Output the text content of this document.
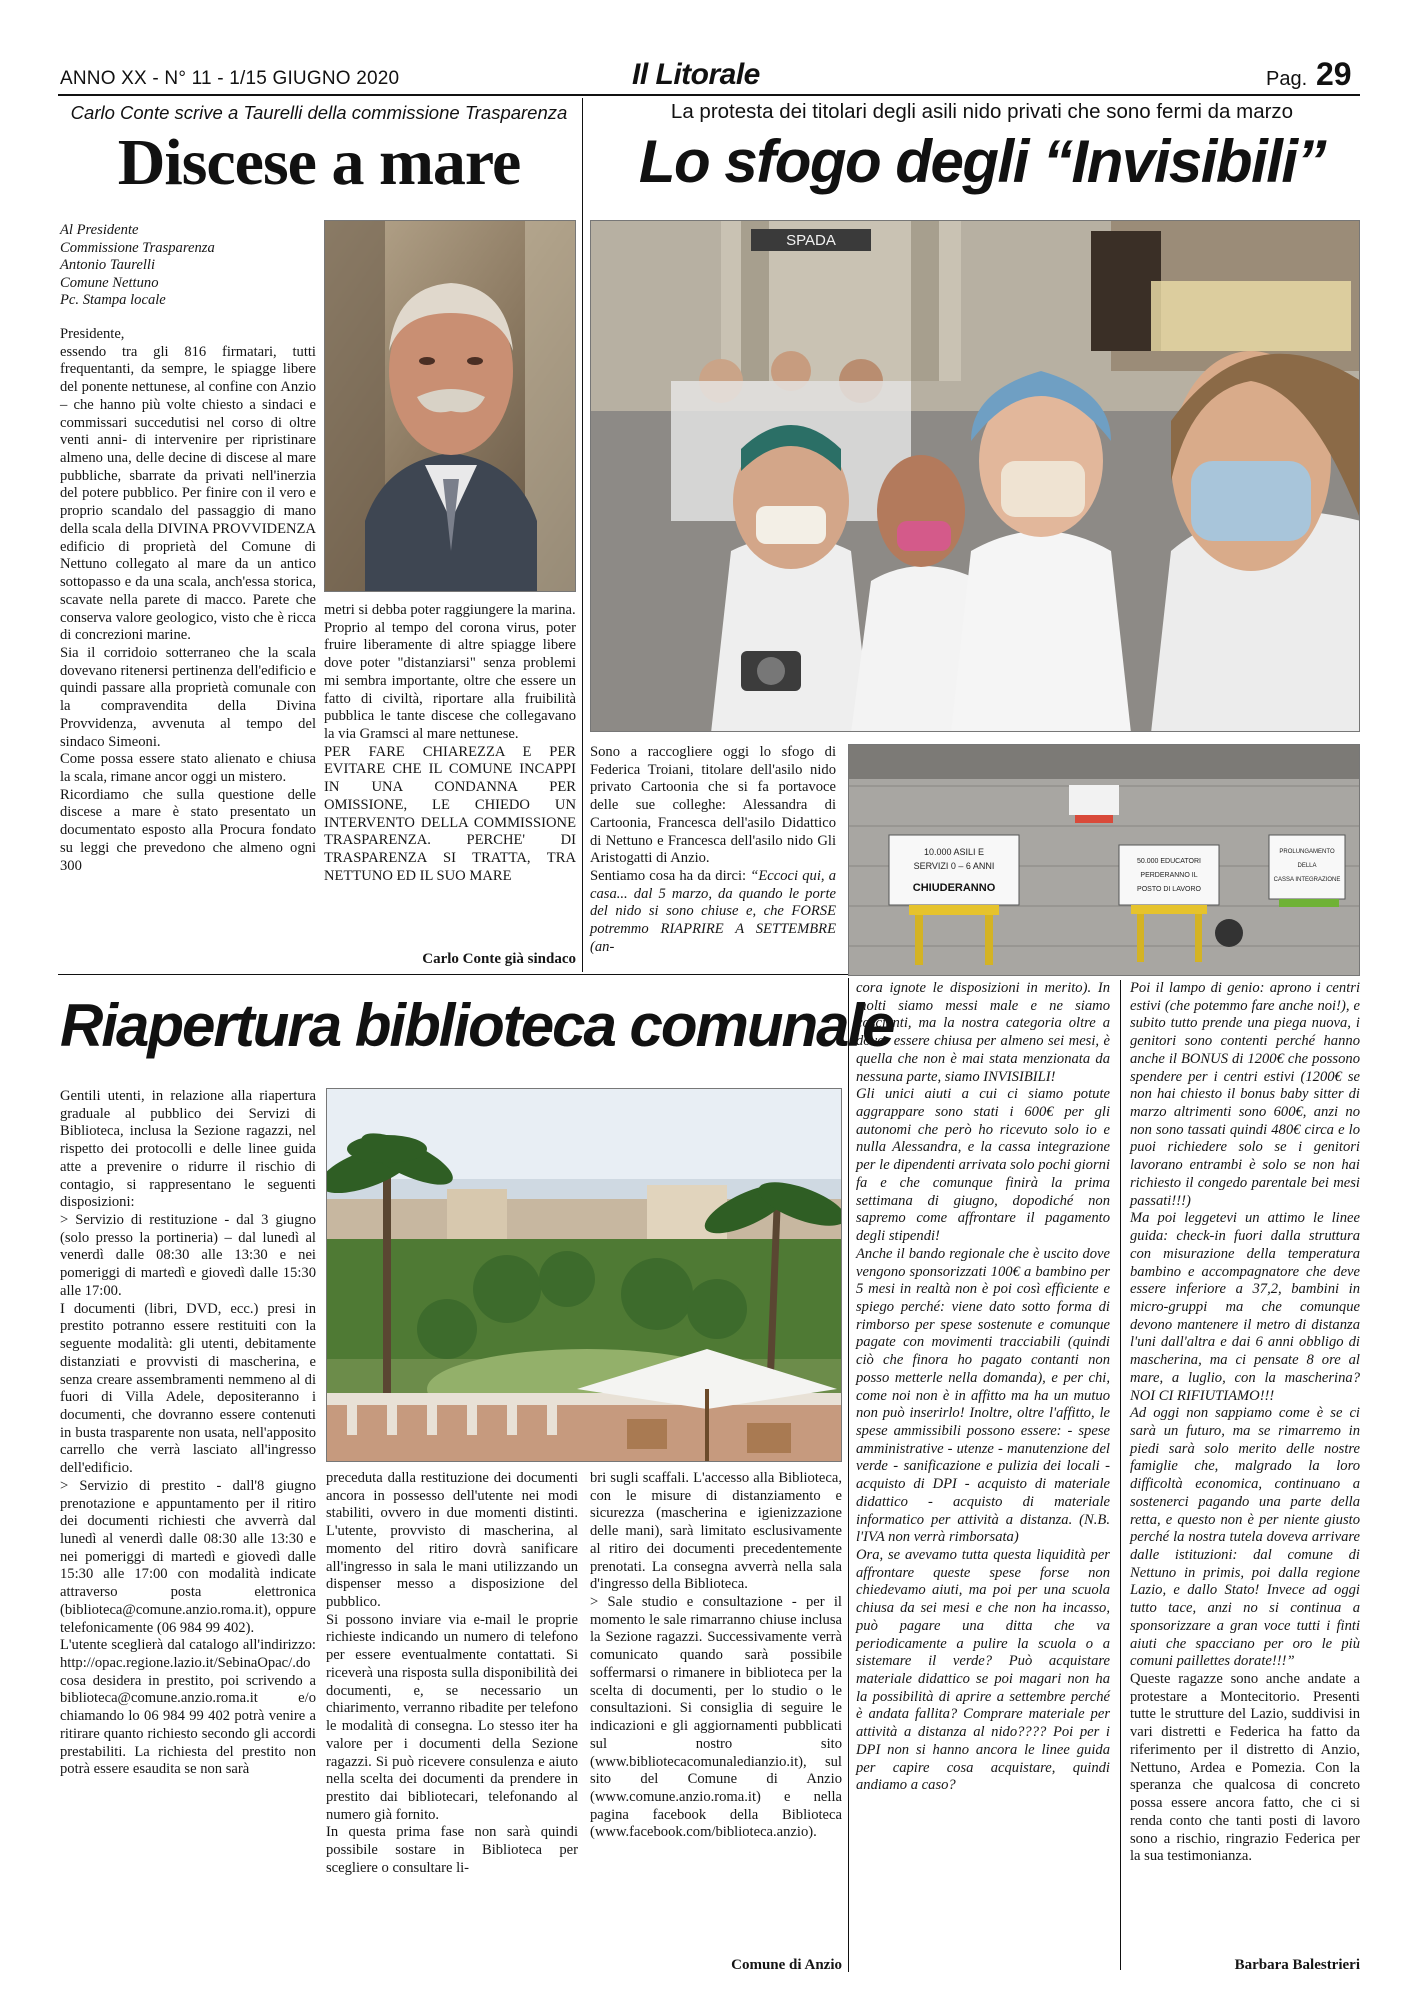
ANNO XX - N° 11 - 1/15 GIUGNO 2020	Il Litorale	Pag. 29
Carlo Conte scrive a Taurelli della commissione Trasparenza
Discese a mare
Al Presidente
Commissione Trasparenza
Antonio Taurelli
Comune Nettuno
Pc. Stampa locale

Presidente,

essendo tra gli 816 firmatari, tutti frequentanti, da sempre, le spiagge libere del ponente nettunese, al confine con Anzio – che hanno più volte chiesto a sindaci e commissari succedutisi nel corso di oltre venti anni- di intervenire per ripristinare almeno una, delle decine di discese al mare pubbliche, sbarrate da privati nell'inerzia del potere pubblico. Per finire con il vero e proprio scandalo del passaggio di mano della scala della DIVINA PROVVIDENZA edificio di proprietà del Comune di Nettuno collegato al mare da un antico sottopasso e da una scala, anch'essa storica, scavate nella parete di macco. Parete che conserva valore geologico, visto che è ricca di concrezioni marine.

Sia il corridoio sotterraneo che la scala dovevano ritenersi pertinenza dell'edificio e quindi passare alla proprietà comunale con la compravendita della Divina Provvidenza, avvenuta al tempo del sindaco Simeoni.

Come possa essere stato alienato e chiusa la scala, rimane ancor oggi un mistero.

Ricordiamo che sulla questione delle discese a mare è stato presentato un documentato esposto alla Procura fondato su leggi che prevedono che almeno ogni 300

metri si debba poter raggiungere la marina.

Proprio al tempo del corona virus, poter fruire liberamente di altre spiagge libere dove poter "distanziarsi" senza problemi mi sembra importante, oltre che essere un fatto di civiltà, riportare alla fruibilità pubblica le tante discese che collegavano la via Gramsci al mare nettunese.

PER FARE CHIAREZZA E PER EVITARE CHE IL COMUNE INCAPPI IN UNA CONDANNA PER OMISSIONE, LE CHIEDO UN INTERVENTO DELLA COMMISSIONE TRASPARENZA. PERCHE' DI TRASPARENZA SI TRATTA, TRA NETTUNO ED IL SUO MARE

Carlo Conte già sindaco
La protesta dei titolari degli asili nido privati che sono fermi da marzo
Lo sfogo degli “Invisibili”
SPADA

Sono a raccogliere oggi lo sfogo di Federica Troiani, titolare dell'asilo nido privato Cartoonia che si fa portavoce delle sue colleghe: Alessandra di Cartoonia, Francesca dell'asilo Didattico di Nettuno e Francesca dell'asilo nido Gli Aristogatti di Anzio.

Sentiamo cosa ha da dirci: “Eccoci qui, a casa... dal 5 marzo, da quando le porte del nido si sono chiuse e, che FORSE potremmo RIAPRIRE A SETTEMBRE (an-

10.000 ASILI E
SERVIZI 0 – 6 ANNI
CHIUDERANNO
50.000 EDUCATORI
PERDERANNO IL
POSTO DI LAVORO
PROLUNGAMENTO
DELLA
CASSA INTEGRAZIONE

cora ignote le disposizioni in merito). In molti siamo messi male e ne siamo coscienti, ma la nostra categoria oltre a dover essere chiusa per almeno sei mesi, è quella che non è mai stata menzionata da nessuna parte, siamo INVISIBILI!

Gli unici aiuti a cui ci siamo potute aggrappare sono stati i 600€ per gli autonomi che però ho ricevuto solo io e nulla Alessandra, e la cassa integrazione per le dipendenti arrivata solo pochi giorni fa e che comunque finirà la prima settimana di giugno, dopodiché non sapremo come affrontare il pagamento degli stipendi!

Anche il bando regionale che è uscito dove vengono sponsorizzati 100€ a bambino per 5 mesi in realtà non è poi così efficiente e spiego perché: viene dato sotto forma di rimborso per spese sostenute e comunque pagate con movimenti tracciabili (quindi ciò che finora ho pagato contanti non posso metterle nella domanda), e per chi, come noi non è in affitto ma ha un mutuo non può inserirlo! Inoltre, oltre l'affitto, le spese ammissibili possono essere: - spese amministrative - utenze - manutenzione del verde - sanificazione e pulizia dei locali - acquisto di DPI - acquisto di materiale didattico - acquisto di materiale informatico per attività a distanza. (N.B. l'IVA non verrà rimborsata)

Ora, se avevamo tutta questa liquidità per affrontare queste spese forse non chiedevamo aiuti, ma poi per una scuola chiusa da sei mesi e che non ha incasso, può pagare una ditta che va periodicamente a pulire la scuola o a sistemare il verde? Può acquistare materiale didattico se poi magari non ha la possibilità di aprire a settembre perché è andata fallita? Comprare materiale per attività a distanza al nido???? Poi per i DPI non si hanno ancora le linee guida per capire cosa acquistare, quindi andiamo a caso?

Poi il lampo di genio: aprono i centri estivi (che potemmo fare anche noi!), e subito tutto prende una piega nuova, i genitori sono contenti perché hanno anche il BONUS di 1200€ che possono spendere per i centri estivi (1200€ se non hai chiesto il bonus baby sitter di marzo altrimenti sono 600€, anzi no non sono tassati quindi 480€ circa e lo puoi richiedere solo se i genitori lavorano entrambi è solo se non hai richiesto il congedo parentale bei mesi passati!!!)

Ma poi leggetevi un attimo le linee guida: check-in fuori dalla struttura con misurazione della temperatura bambino e accompagnatore che deve essere inferiore a 37,2, bambini in micro-gruppi ma che comunque devono mantenere il metro di distanza l'uni dall'altra e dai 6 anni obbligo di mascherina, ma ci pensate 8 ore al mare, a luglio, con la mascherina? NOI CI RIFIUTIAMO!!!

Ad oggi non sappiamo come è se ci sarà un futuro, ma se rimarremo in piedi sarà solo merito delle nostre famiglie che, malgrado la loro difficoltà economica, continuano a sostenerci pagando una parte della retta, e questo non è per niente giusto perché la nostra tutela doveva arrivare dalle istituzioni: dal comune di Nettuno in primis, poi dalla regione Lazio, e dallo Stato! Invece ad oggi tutto tace, anzi no si continua a sponsorizzare a gran voce tutti i finti aiuti che spacciano per oro le più comuni paillettes dorate!!!”

Queste ragazze sono anche andate a protestare a Montecitorio. Presenti tutte le strutture del Lazio, suddivisi in vari distretti e Federica ha fatto da riferimento per il distretto di Anzio, Nettuno, Ardea e Pomezia. Con la speranza che qualcosa di concreto possa essere ancora fatto, che ci si renda conto che tanti posti di lavoro sono a rischio, ringrazio Federica per la sua testimonianza.

Barbara Balestrieri
Riapertura biblioteca comunale

Gentili utenti, in relazione alla riapertura graduale al pubblico dei Servizi di Biblioteca, inclusa la Sezione ragazzi, nel rispetto dei protocolli e delle linee guida atte a prevenire o ridurre il rischio di contagio, si rappresentano le seguenti disposizioni:

> Servizio di restituzione - dal 3 giugno (solo presso la portineria) – dal lunedì al venerdì dalle 08:30 alle 13:30 e nei pomeriggi di martedì e giovedì dalle 15:30 alle 17:00.

I documenti (libri, DVD, ecc.) presi in prestito potranno essere restituiti con la seguente modalità: gli utenti, debitamente distanziati e provvisti di mascherina, e senza creare assembramenti nemmeno al di fuori di Villa Adele, depositeranno i documenti, che dovranno essere contenuti in busta trasparente non usata, nell'apposito carrello che verrà lasciato all'ingresso dell'edificio.

> Servizio di prestito - dall'8 giugno prenotazione e appuntamento per il ritiro dei documenti richiesti che avverrà dal lunedì al venerdì dalle 08:30 alle 13:30 e nei pomeriggi di martedì e giovedì dalle 15:30 alle 17:00 con modalità indicate attraverso posta elettronica (biblioteca@comune.anzio.roma.it), oppure telefonicamente (06 984 99 402).

L'utente sceglierà dal catalogo all'indirizzo: http://opac.regione.lazio.it/SebinaOpac/.do cosa desidera in prestito, poi scrivendo a biblioteca@comune.anzio.roma.it e/o chiamando lo 06 984 99 402 potrà venire a ritirare quanto richiesto secondo gli accordi prestabiliti. La richiesta del prestito non potrà essere esaudita se non sarà

preceduta dalla restituzione dei documenti ancora in possesso dell'utente nei modi stabiliti, ovvero in due momenti distinti. L'utente, provvisto di mascherina, al momento del ritiro dovrà sanificare all'ingresso in sala le mani utilizzando un dispenser messo a disposizione del pubblico.

Si possono inviare via e-mail le proprie richieste indicando un numero di telefono per essere eventualmente contattati. Si riceverà una risposta sulla disponibilità dei documenti, e, se necessario un chiarimento, verranno ribadite per telefono le modalità di consegna. Lo stesso iter ha valore per i documenti della Sezione ragazzi. Si può ricevere consulenza e aiuto nella scelta dei documenti da prendere in prestito dai bibliotecari, telefonando al numero già fornito.

In questa prima fase non sarà quindi possibile sostare in Biblioteca per scegliere o consultare li-

bri sugli scaffali. L'accesso alla Biblioteca, con le misure di distanziamento e sicurezza (mascherina e igienizzazione delle mani), sarà limitato esclusivamente al ritiro dei documenti precedentemente prenotati. La consegna avverrà nella sala d'ingresso della Biblioteca.

> Sale studio e consultazione - per il momento le sale rimarranno chiuse inclusa la Sezione ragazzi. Successivamente verrà comunicato quando sarà possibile soffermarsi o rimanere in biblioteca per la scelta di documenti, per lo studio o le consultazioni. Si consiglia di seguire le indicazioni e gli aggiornamenti pubblicati sul nostro sito (www.bibliotecacomunaledianzio.it), sul sito del Comune di Anzio (www.comune.anzio.roma.it) e nella pagina facebook della Biblioteca (www.facebook.com/biblioteca.anzio).

Comune di Anzio
